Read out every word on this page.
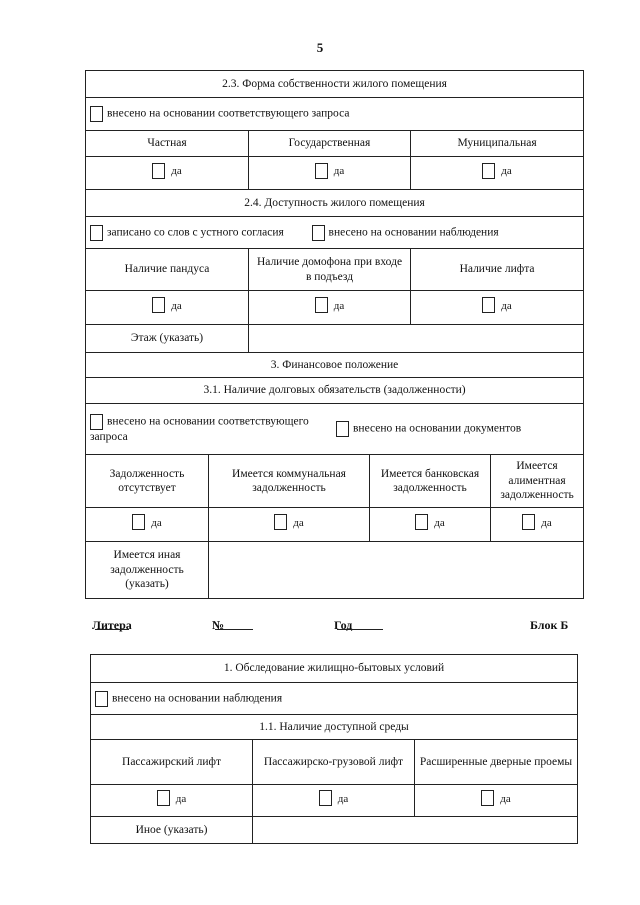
5
2.3. Форма собственности жилого помещения					
внесено на основании соответствующего запроса					
Частная		Государственная		Муниципальная	

да		да		да	

2.4. Доступность жилого помещения					
записано со слов с устного согласия внесено на основании наблюдения					
Наличие пандуса		Наличие домофона при входе в подъезд		Наличие лифта	

да		да		да	

Этаж (указать)					
3. Финансовое положение					
3.1. Наличие долговых обязательств (задолженности)					

внесено на основании соответствующего запроса
внесено на основании документов					

Задолженность отсутствует	Имеется коммунальная задолженность		Имеется банковская задолженность		Имеется алиментная задолженность

да	да		да		да

Имеется иная задолженность (указать)					
Литера	№	Год	Блок Б
1. Обследование жилищно-бытовых условий		
внесено на основании наблюдения		
1.1. Наличие доступной среды		
Пассажирский лифт	Пассажирско-грузовой лифт	Расширенные дверные проемы

да	да	да

Иное (указать)		
